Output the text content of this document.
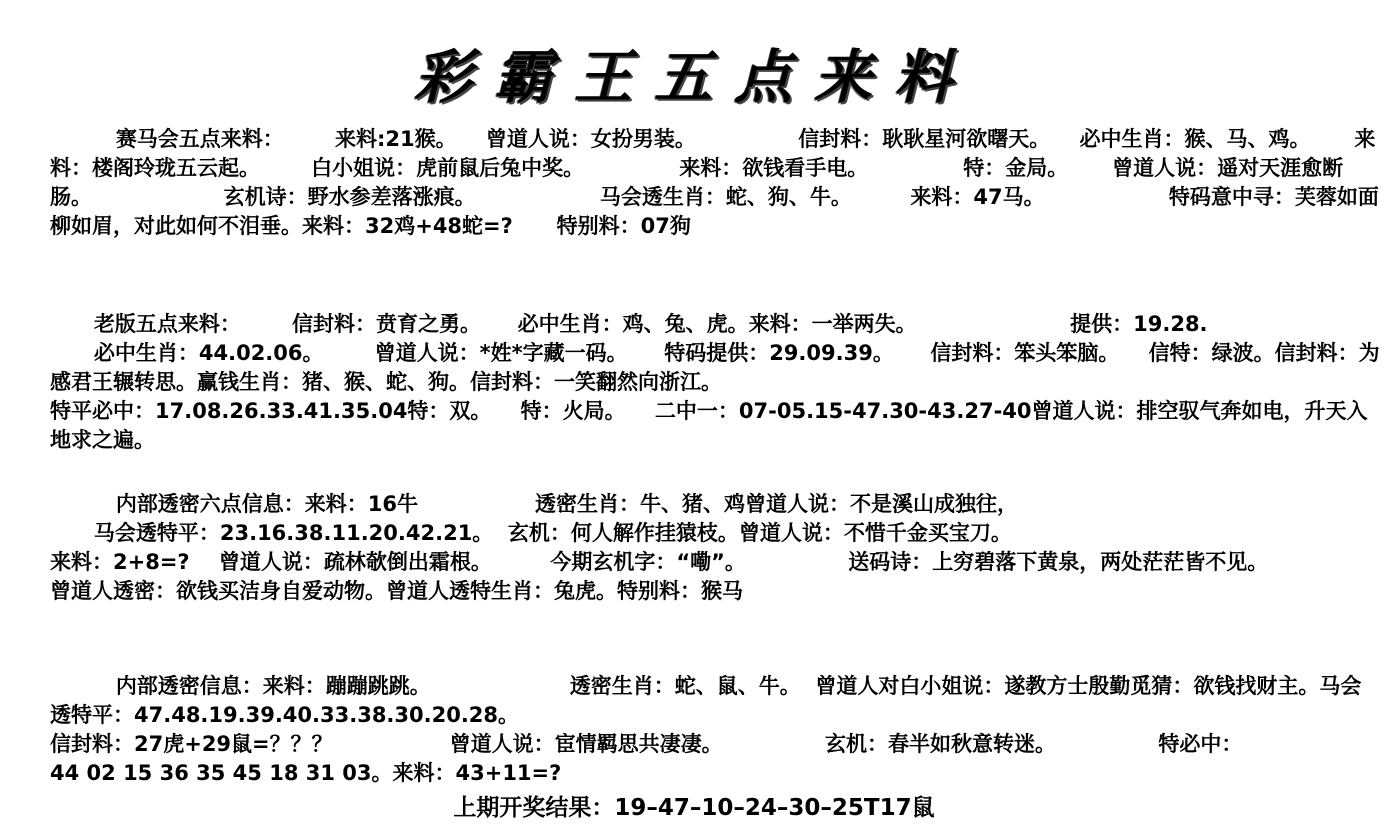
彩霸王五点来料
赛马会五点来料：       来料:21猴。    曾道人说：女扮男装。              信封料：耿耿星河欲曙天。    必中生肖：猴、马、鸡。      来料：楼阁玲珑五云起。       白小姐说：虎前鼠后兔中奖。             来料：欲钱看手电。             特：金局。      曾道人说：遥对天涯愈断肠。                  玄机诗：野水参差落涨痕。                 马会透生肖：蛇、狗、牛。        来料：47马。                 特码意中寻：芙蓉如面柳如眉，对此如何不泪垂。来料：32鸡+48蛇=?      特别料：07狗
老版五点来料：       信封料：贲育之勇。     必中生肖：鸡、兔、虎。来料：一举两失。                     提供：19.28.
必中生肖：44.02.06。       曾道人说：*姓*字藏一码。     特码提供：29.09.39。     信封料：笨头笨脑。    信特：绿波。信封料：为感君王辗转思。赢钱生肖：猪、猴、蛇、狗。信封料：一笑翻然向浙江。
特平必中：17.08.26.33.41.35.04特：双。    特：火局。    二中一：07-05.15-47.30-43.27-40曾道人说：排空驭气奔如电，升天入地求之遍。
内部透密六点信息：来料：16牛                透密生肖：牛、猪、鸡曾道人说：不是溪山成独往，
马会透特平：23.16.38.11.20.42.21。  玄机：何人解作挂猿枝。曾道人说：不惜千金买宝刀。
来料：2+8=?    曾道人说：疏林欹倒出霜根。        今期玄机字：“嘞”。              送码诗：上穷碧落下黄泉，两处茫茫皆不见。
曾道人透密：欲钱买洁身自爱动物。曾道人透特生肖：兔虎。特别料：猴马
内部透密信息：来料：蹦蹦跳跳。                   透密生肖：蛇、鼠、牛。  曾道人对白小姐说：遂教方士殷勤觅猜：欲钱找财主。马会透特平：47.48.19.39.40.33.38.30.20.28。
信封料：27虎+29鼠=？？？                曾道人说：宦情羁思共凄凄。              玄机：春半如秋意转迷。              特必中：
44 02 15 36 35 45 18 31 03。来料：43+11=?
上期开奖结果：19–47–10–24–30–25T17鼠
